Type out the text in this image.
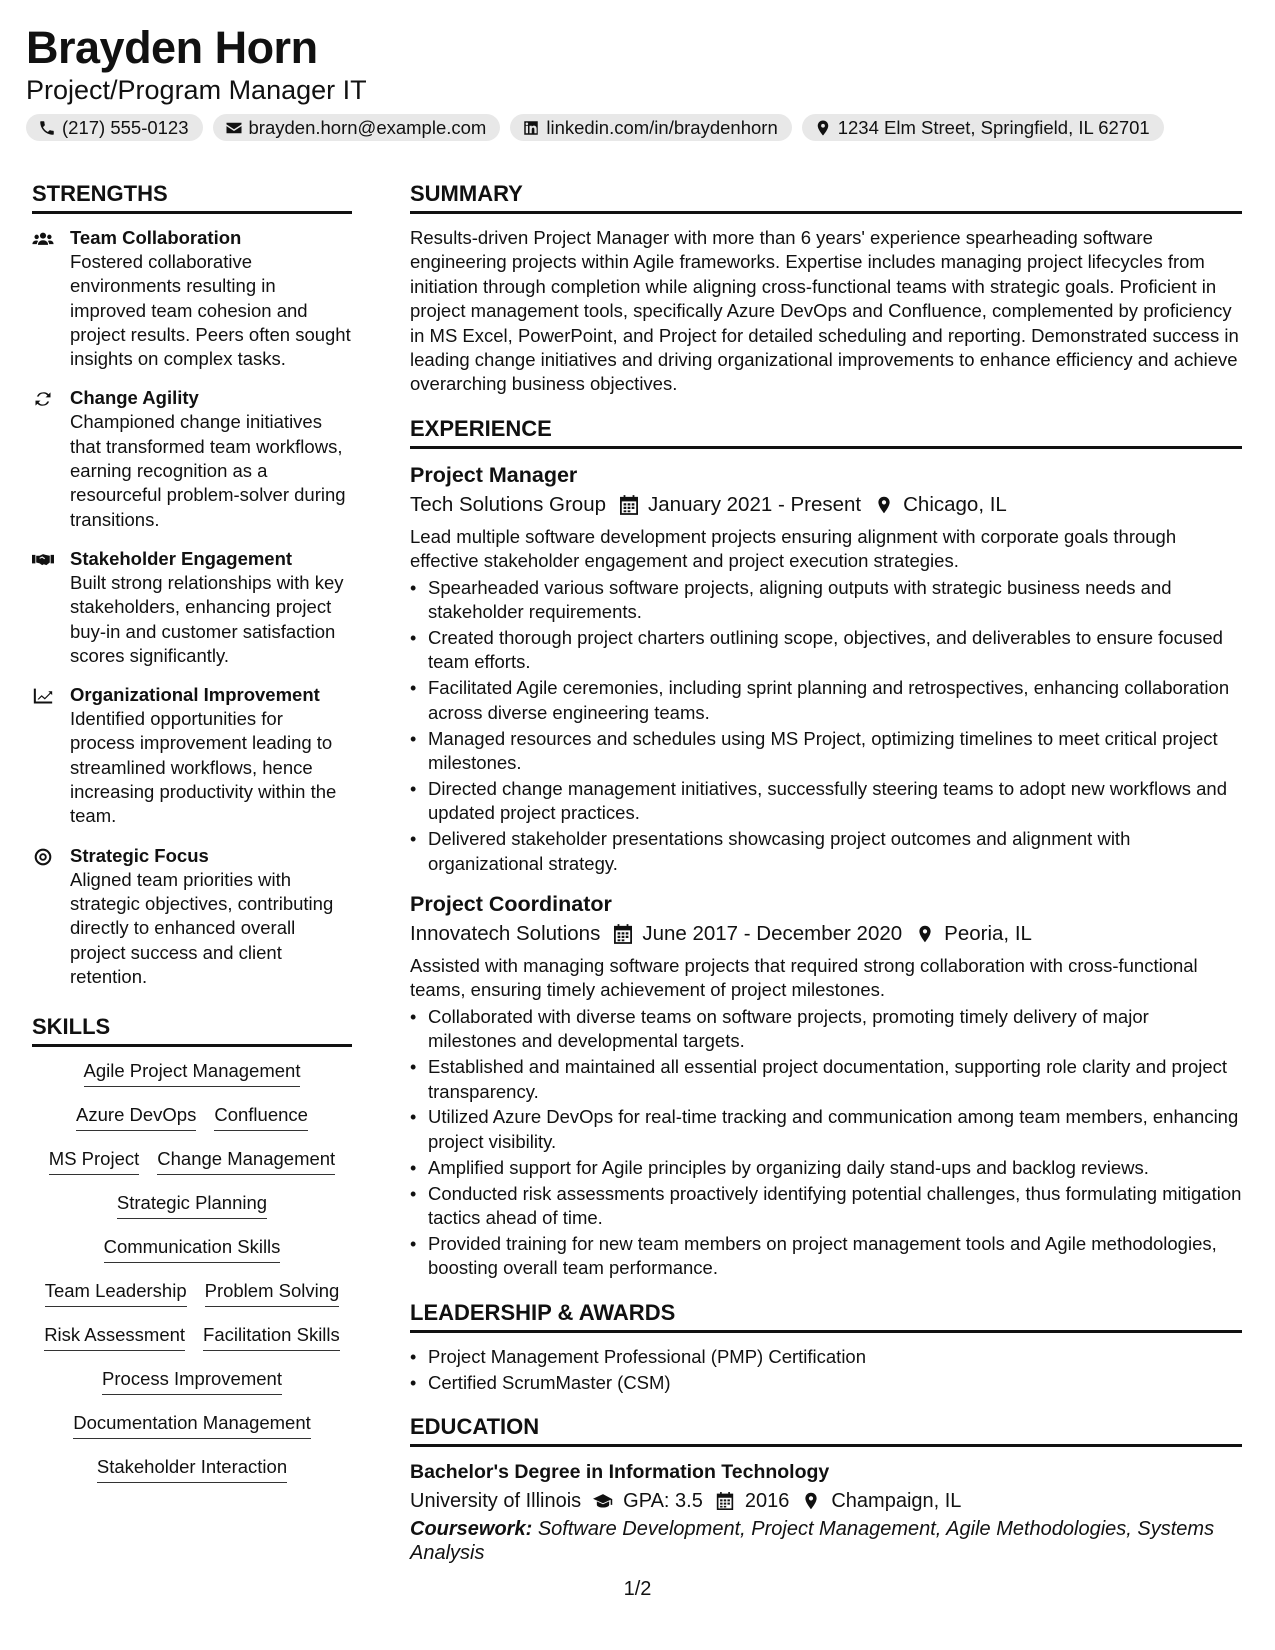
Brayden Horn
Project/Program Manager IT
(217) 555-0123	brayden.horn@example.com	linkedin.com/in/braydenhorn	1234 Elm Street, Springfield, IL 62701
STRENGTHS
Team Collaboration
Fostered collaborative environments resulting in improved team cohesion and project results. Peers often sought insights on complex tasks.
Change Agility
Championed change initiatives that transformed team workflows, earning recognition as a resourceful problem-solver during transitions.
Stakeholder Engagement
Built strong relationships with key stakeholders, enhancing project buy-in and customer satisfaction scores significantly.
Organizational Improvement
Identified opportunities for process improvement leading to streamlined workflows, hence increasing productivity within the team.
Strategic Focus
Aligned team priorities with strategic objectives, contributing directly to enhanced overall project success and client retention.
SKILLS
Agile Project Management
Azure DevOps Confluence
MS Project Change Management
Strategic Planning
Communication Skills
Team Leadership Problem Solving
Risk Assessment Facilitation Skills
Process Improvement
Documentation Management
Stakeholder Interaction
SUMMARY
Results-driven Project Manager with more than 6 years' experience spearheading software engineering projects within Agile frameworks. Expertise includes managing project lifecycles from initiation through completion while aligning cross-functional teams with strategic goals. Proficient in project management tools, specifically Azure DevOps and Confluence, complemented by proficiency in MS Excel, PowerPoint, and Project for detailed scheduling and reporting. Demonstrated success in leading change initiatives and driving organizational improvements to enhance efficiency and achieve overarching business objectives.
EXPERIENCE
Project Manager
Tech Solutions Group January 2021 - Present Chicago, IL
Lead multiple software development projects ensuring alignment with corporate goals through effective stakeholder engagement and project execution strategies.
• Spearheaded various software projects, aligning outputs with strategic business needs and stakeholder requirements.
• Created thorough project charters outlining scope, objectives, and deliverables to ensure focused team efforts.
• Facilitated Agile ceremonies, including sprint planning and retrospectives, enhancing collaboration across diverse engineering teams.
• Managed resources and schedules using MS Project, optimizing timelines to meet critical project milestones.
• Directed change management initiatives, successfully steering teams to adopt new workflows and updated project practices.
• Delivered stakeholder presentations showcasing project outcomes and alignment with organizational strategy.
Project Coordinator
Innovatech Solutions June 2017 - December 2020 Peoria, IL
Assisted with managing software projects that required strong collaboration with cross-functional teams, ensuring timely achievement of project milestones.
• Collaborated with diverse teams on software projects, promoting timely delivery of major milestones and developmental targets.
• Established and maintained all essential project documentation, supporting role clarity and project transparency.
• Utilized Azure DevOps for real-time tracking and communication among team members, enhancing project visibility.
• Amplified support for Agile principles by organizing daily stand-ups and backlog reviews.
• Conducted risk assessments proactively identifying potential challenges, thus formulating mitigation tactics ahead of time.
• Provided training for new team members on project management tools and Agile methodologies, boosting overall team performance.
LEADERSHIP & AWARDS
• Project Management Professional (PMP) Certification
• Certified ScrumMaster (CSM)
EDUCATION
Bachelor's Degree in Information Technology
University of Illinois GPA: 3.5 2016 Champaign, IL
Coursework: Software Development, Project Management, Agile Methodologies, Systems Analysis
1/2
